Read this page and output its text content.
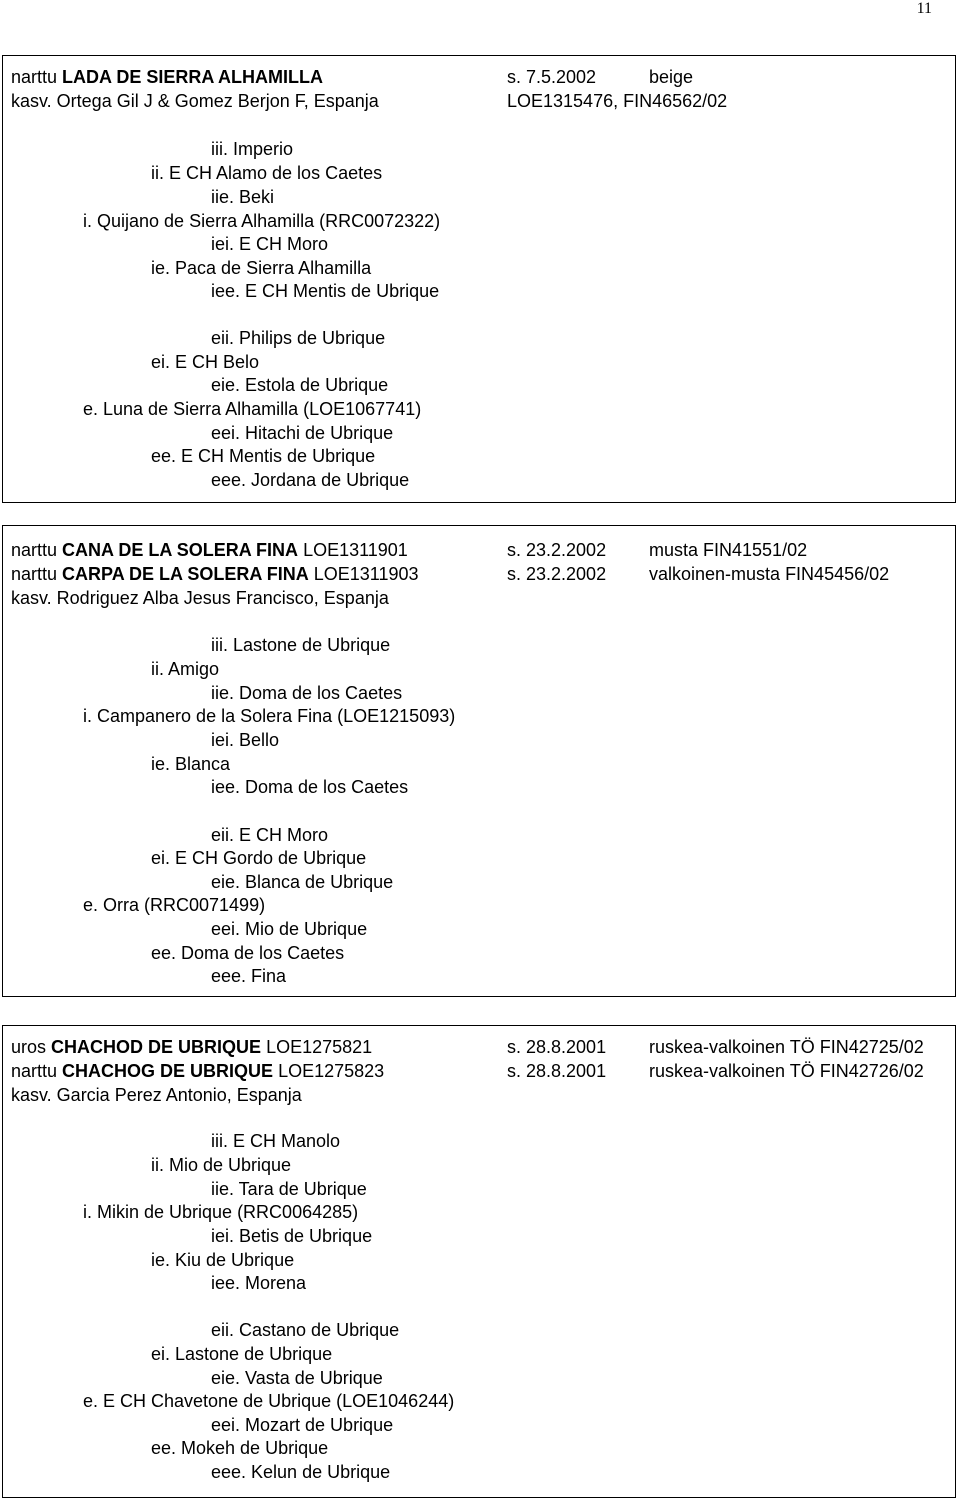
11
narttu LADA DE SIERRA ALHAMILLA	s. 7.5.2002	beige
kasv. Ortega Gil J & Gomez Berjon F, Espanja	LOE1315476, FIN46562/02
iii. Imperio
ii. E CH Alamo de los Caetes
iie. Beki
i. Quijano de Sierra Alhamilla (RRC0072322)
iei. E CH Moro
ie. Paca de Sierra Alhamilla
iee. E CH Mentis de Ubrique
eii. Philips de Ubrique
ei. E CH Belo
eie. Estola de Ubrique
e. Luna de Sierra Alhamilla (LOE1067741)
eei. Hitachi de Ubrique
ee. E CH Mentis de Ubrique
eee. Jordana de Ubrique
narttu CANA DE LA SOLERA FINA LOE1311901	s. 23.2.2002 musta FIN41551/02
narttu CARPA DE LA SOLERA FINA LOE1311903	s. 23.2.2002 valkoinen-musta FIN45456/02
kasv. Rodriguez Alba Jesus Francisco, Espanja
iii. Lastone de Ubrique
ii. Amigo
iie. Doma de los Caetes
i. Campanero de la Solera Fina (LOE1215093)
iei. Bello
ie. Blanca
iee. Doma de los Caetes
eii. E CH Moro
ei. E CH Gordo de Ubrique
eie. Blanca de Ubrique
e. Orra (RRC0071499)
eei. Mio de Ubrique
ee. Doma de los Caetes
eee. Fina
uros CHACHOD DE UBRIQUE LOE1275821	s. 28.8.2001 ruskea-valkoinen TÖ FIN42725/02
narttu CHACHOG DE UBRIQUE LOE1275823	s. 28.8.2001 ruskea-valkoinen TÖ FIN42726/02
kasv. Garcia Perez Antonio, Espanja
iii. E CH Manolo
ii. Mio de Ubrique
iie. Tara de Ubrique
i. Mikin de Ubrique (RRC0064285)
iei. Betis de Ubrique
ie. Kiu de Ubrique
iee. Morena
eii. Castano de Ubrique
ei. Lastone de Ubrique
eie. Vasta de Ubrique
e. E CH Chavetone de Ubrique (LOE1046244)
eei. Mozart de Ubrique
ee. Mokeh de Ubrique
eee. Kelun de Ubrique
